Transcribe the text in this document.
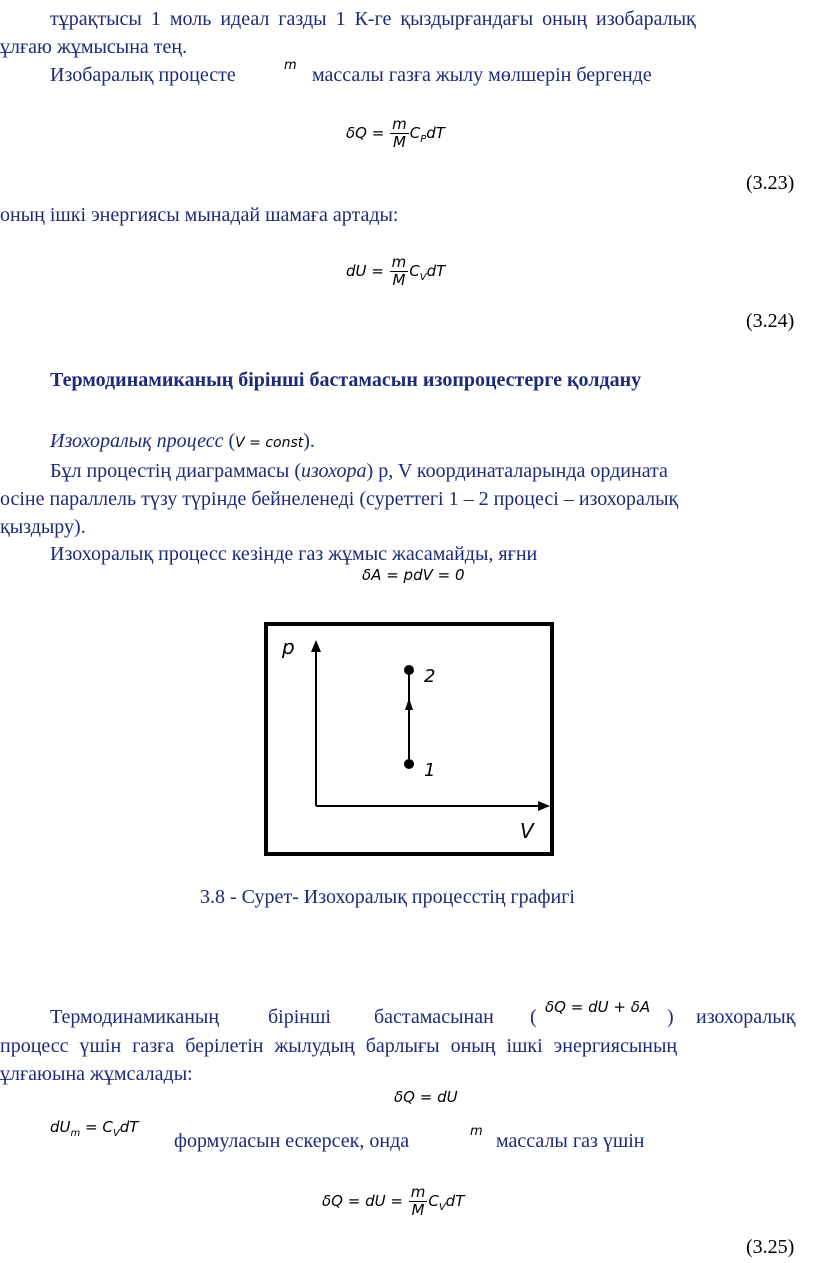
тұрақтысы 1 моль идеал газды 1 К-ге қыздырғандағы оның изобаралық
ұлғаю жұмысына тең.
Изобаралық процесте	m массалы газға жылу мөлшерін бергенде
$\delta Q = \frac{m}{M} C_PdT$
(3.23)
оның ішкі энергиясы мынадай шамаға артады:
dU = $\frac{m}{M} C_VdT$
(3.24)
Термодинамиканың бірінші бастамасын изопроцестерге қолдану
Изохоралық процесс (V = const).
Бұл процестің диаграммасы (изохора) p, V координаталарында ордината
осіне параллель түзу түрінде бейнеленеді (суреттегі 1 – 2 процесі – изохоралық
қыздыру).
Изохоралық процесс кезінде газ жұмыс жасамайды, яғни
δA = pdV = 0
p
V
1
2
3.8 - Сурет- Изохоралық процесстің графигі
Термодинамиканың бірінші бастамасынан ( δQ = dU + δA ) изохоралық
процесс үшін газға берілетін жылудың барлығы оның ішкі энергиясының
ұлғаюына жұмсалады:
δQ = dU
$dU_m = C_VdT$
формуласын ескерсек, онда	m массалы газ үшін
δQ = dU = $\frac{m}{M} C_VdT$
(3.25)
